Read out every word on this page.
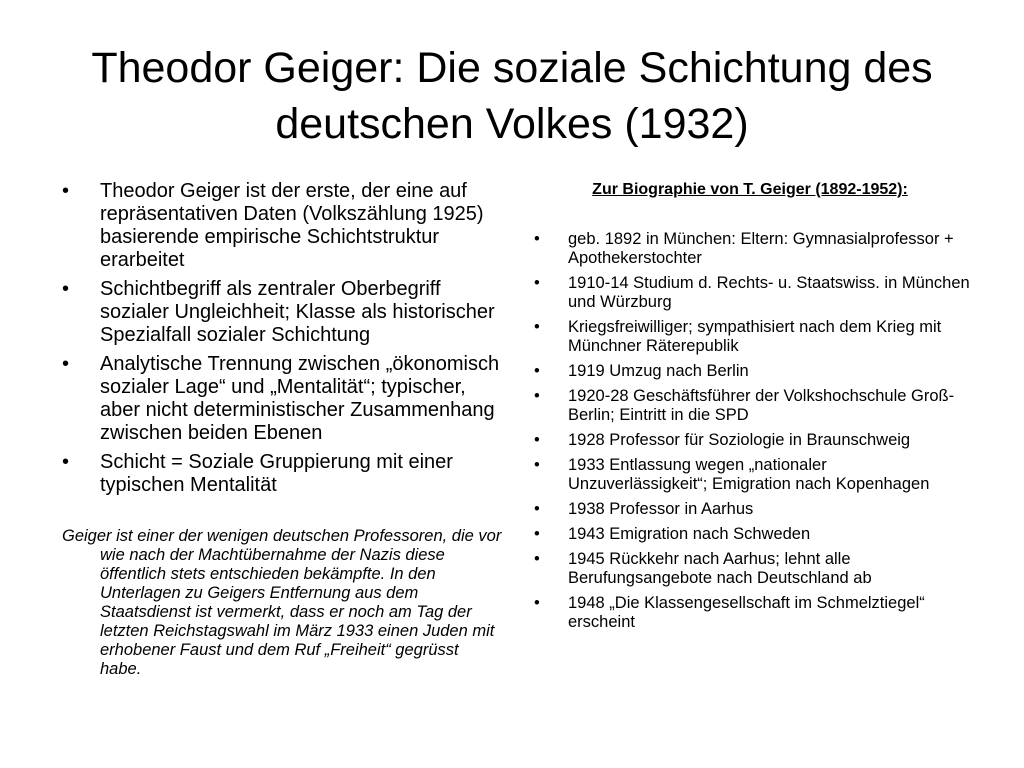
Theodor Geiger: Die soziale Schichtung des deutschen Volkes (1932)
• Theodor Geiger ist der erste, der eine auf repräsentativen Daten (Volkszählung 1925) basierende empirische Schichtstruktur erarbeitet
• Schichtbegriff als zentraler Oberbegriff sozialer Ungleichheit; Klasse als historischer Spezialfall sozialer Schichtung
• Analytische Trennung zwischen „ökonomisch sozialer Lage“ und „Mentalität“; typischer, aber nicht deterministischer Zusammenhang zwischen beiden Ebenen
• Schicht = Soziale Gruppierung mit einer typischen Mentalität

Geiger ist einer der wenigen deutschen Professoren, die vor wie nach der Machtübernahme der Nazis diese öffentlich stets entschieden bekämpfte. In den Unterlagen zu Geigers Entfernung aus dem Staatsdienst ist vermerkt, dass er noch am Tag der letzten Reichstagswahl im März 1933 einen Juden mit erhobener Faust und dem Ruf „Freiheit“ gegrüsst habe.

Zur Biographie von T. Geiger (1892-1952):

• geb. 1892 in München: Eltern: Gymnasialprofessor + Apothekerstochter
• 1910-14 Studium d. Rechts- u. Staatswiss. in München und Würzburg
• Kriegsfreiwilliger; sympathisiert nach dem Krieg mit Münchner Räterepublik
• 1919 Umzug nach Berlin
• 1920-28 Geschäftsführer der Volkshochschule Groß-Berlin; Eintritt in die SPD
• 1928 Professor für Soziologie in Braunschweig
• 1933 Entlassung wegen „nationaler Unzuverlässigkeit“; Emigration nach Kopenhagen
• 1938 Professor in Aarhus
• 1943 Emigration nach Schweden
• 1945 Rückkehr nach Aarhus; lehnt alle Berufungsangebote nach Deutschland ab
• 1948 „Die Klassengesellschaft im Schmelztiegel“ erscheint
